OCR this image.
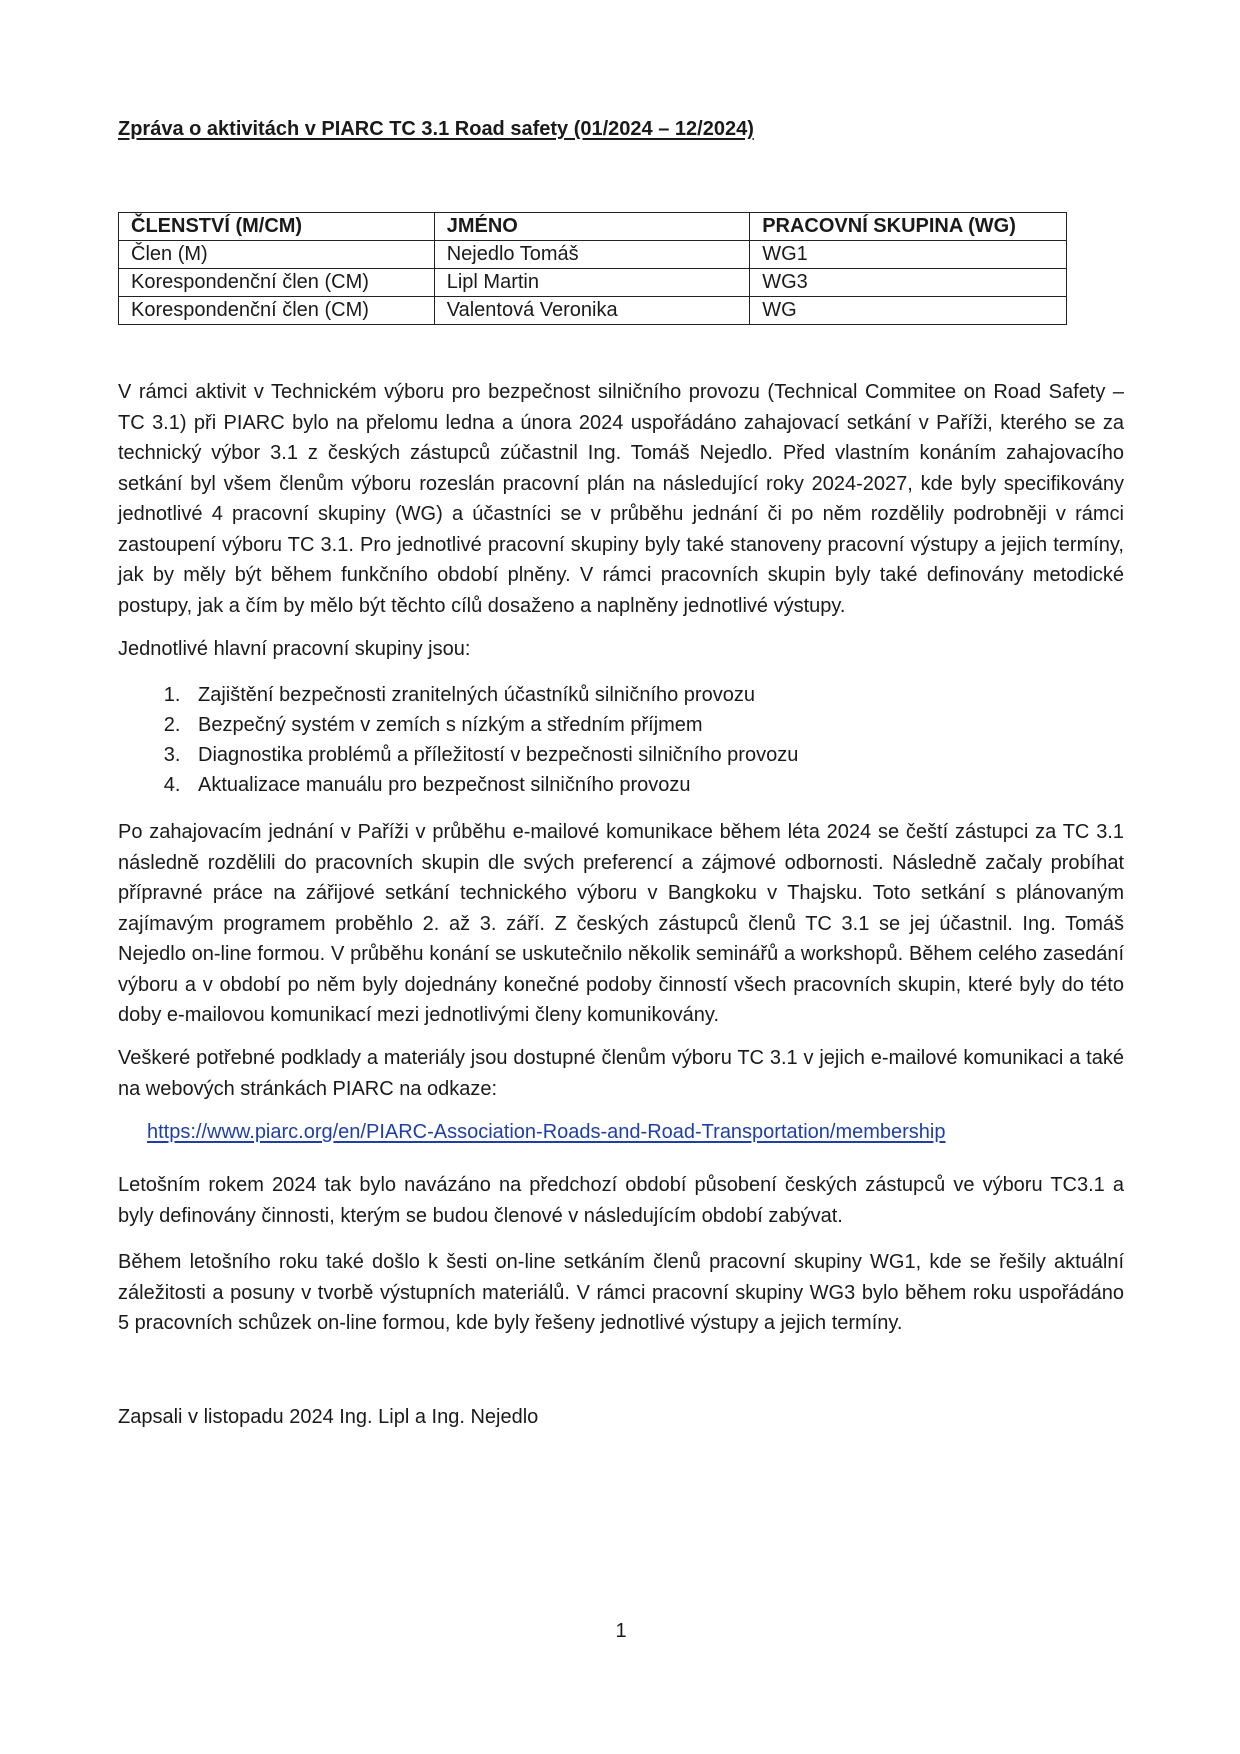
Zpráva o aktivitách v PIARC TC 3.1 Road safety (01/2024 – 12/2024)
ČLENSTVÍ (M/CM)	JMÉNO	PRACOVNÍ SKUPINA (WG)
Člen (M)	Nejedlo Tomáš	WG1
Korespondenční člen (CM)	Lipl Martin	WG3
Korespondenční člen (CM)	Valentová Veronika	WG

V rámci aktivit v Technickém výboru pro bezpečnost silničního provozu (Technical Commitee on Road Safety – TC 3.1) při PIARC bylo na přelomu ledna a února 2024 uspořádáno zahajovací setkání v Paříži, kterého se za technický výbor 3.1 z českých zástupců zúčastnil Ing. Tomáš Nejedlo. Před vlastním konáním zahajovacího setkání byl všem členům výboru rozeslán pracovní plán na následující roky 2024-2027, kde byly specifikovány jednotlivé 4 pracovní skupiny (WG) a účastníci se v průběhu jednání či po něm rozdělily podrobněji v rámci zastoupení výboru TC 3.1. Pro jednotlivé pracovní skupiny byly také stanoveny pracovní výstupy a jejich termíny, jak by měly být během funkčního období plněny. V rámci pracovních skupin byly také definovány metodické postupy, jak a čím by mělo být těchto cílů dosaženo a naplněny jednotlivé výstupy.

Jednotlivé hlavní pracovní skupiny jsou:

1. Zajištění bezpečnosti zranitelných účastníků silničního provozu
2. Bezpečný systém v zemích s nízkým a středním příjmem
3. Diagnostika problémů a příležitostí v bezpečnosti silničního provozu
4. Aktualizace manuálu pro bezpečnost silničního provozu

Po zahajovacím jednání v Paříži v průběhu e-mailové komunikace během léta 2024 se čeští zástupci za TC 3.1 následně rozdělili do pracovních skupin dle svých preferencí a zájmové odbornosti. Následně začaly probíhat přípravné práce na zářijové setkání technického výboru v Bangkoku v Thajsku. Toto setkání s plánovaným zajímavým programem proběhlo 2. až 3. září. Z českých zástupců členů TC 3.1 se jej účastnil. Ing. Tomáš Nejedlo on-line formou. V průběhu konání se uskutečnilo několik seminářů a workshopů. Během celého zasedání výboru a v období po něm byly dojednány konečné podoby činností všech pracovních skupin, které byly do této doby e-mailovou komunikací mezi jednotlivými členy komunikovány.

Veškeré potřebné podklady a materiály jsou dostupné členům výboru TC 3.1 v jejich e-mailové komunikaci a také na webových stránkách PIARC na odkaze:

https://www.piarc.org/en/PIARC-Association-Roads-and-Road-Transportation/membership

Letošním rokem 2024 tak bylo navázáno na předchozí období působení českých zástupců ve výboru TC3.1 a byly definovány činnosti, kterým se budou členové v následujícím období zabývat.

Během letošního roku také došlo k šesti on-line setkáním členů pracovní skupiny WG1, kde se řešily aktuální záležitosti a posuny v tvorbě výstupních materiálů. V rámci pracovní skupiny WG3 bylo během roku uspořádáno 5 pracovních schůzek on-line formou, kde byly řešeny jednotlivé výstupy a jejich termíny.

Zapsali v listopadu 2024 Ing. Lipl a Ing. Nejedlo

1
